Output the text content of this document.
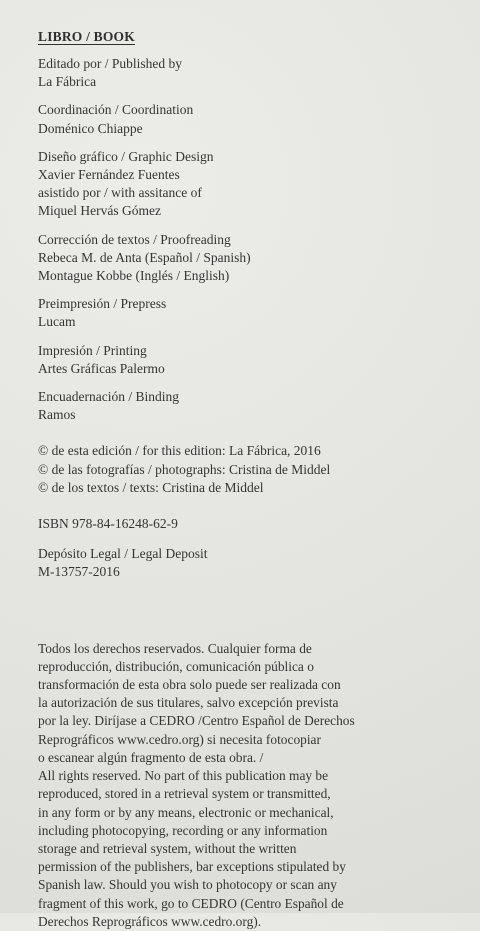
LIBRO / BOOK
Editado por / Published by
La Fábrica
Coordinación / Coordination
Doménico Chiappe
Diseño gráfico / Graphic Design
Xavier Fernández Fuentes
asistido por / with assitance of
Miquel Hervás Gómez
Corrección de textos / Proofreading
Rebeca M. de Anta (Español / Spanish)
Montague Kobbe (Inglés / English)
Preimpresión / Prepress
Lucam
Impresión / Printing
Artes Gráficas Palermo
Encuadernación / Binding
Ramos
© de esta edición / for this edition: La Fábrica, 2016
© de las fotografías / photographs: Cristina de Middel
© de los textos / texts: Cristina de Middel
ISBN 978-84-16248-62-9
Depósito Legal / Legal Deposit
M-13757-2016
Todos los derechos reservados. Cualquier forma de
reproducción, distribución, comunicación pública o
transformación de esta obra solo puede ser realizada con
la autorización de sus titulares, salvo excepción prevista
por la ley. Diríjase a CEDRO /Centro Español de Derechos
Reprográficos www.cedro.org) si necesita fotocopiar
o escanear algún fragmento de esta obra. /
All rights reserved. No part of this publication may be
reproduced, stored in a retrieval system or transmitted,
in any form or by any means, electronic or mechanical,
including photocopying, recording or any information
storage and retrieval system, without the written
permission of the publishers, bar exceptions stipulated by
Spanish law. Should you wish to photocopy or scan any
fragment of this work, go to CEDRO (Centro Español de
Derechos Reprográficos www.cedro.org).
